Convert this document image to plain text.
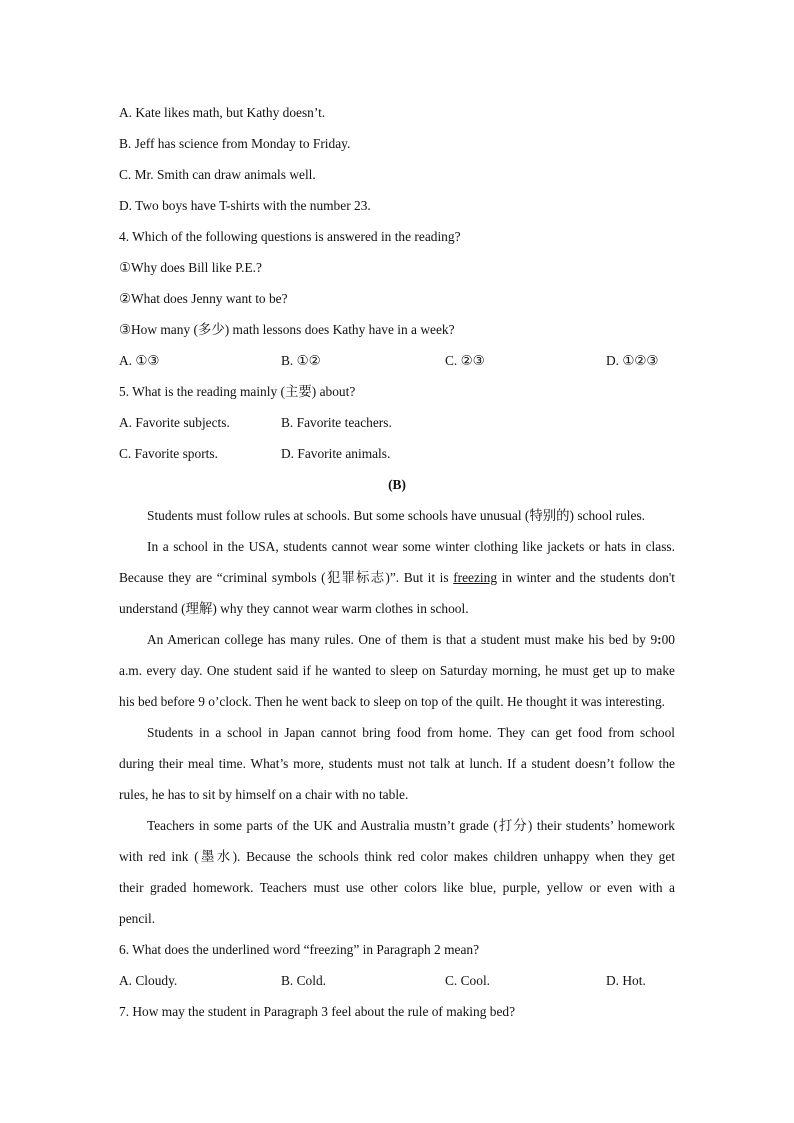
A. Kate likes math, but Kathy doesn’t.
B. Jeff has science from Monday to Friday.
C. Mr. Smith can draw animals well.
D. Two boys have T-shirts with the number 23.
4. Which of the following questions is answered in the reading?
①Why does Bill like P.E.?
②What does Jenny want to be?
③How many (多少) math lessons does Kathy have in a week?
A. ①③	B. ①②	C. ②③	D. ①②③
5. What is the reading mainly (主要) about?
A. Favorite subjects.	B. Favorite teachers.
C. Favorite sports.	D. Favorite animals.
(B)
Students must follow rules at schools. But some schools have unusual (特别的) school rules.
In a school in the USA, students cannot wear some winter clothing like jackets or hats in class.
Because they are “criminal symbols (犯罪标志)”. But it is freezing in winter and the students don't
understand (理解) why they cannot wear warm clothes in school.
An American college has many rules. One of them is that a student must make his bed by 9:00
a.m. every day. One student said if he wanted to sleep on Saturday morning, he must get up to make
his bed before 9 o’clock. Then he went back to sleep on top of the quilt. He thought it was interesting.
Students in a school in Japan cannot bring food from home. They can get food from school
during their meal time. What’s more, students must not talk at lunch. If a student doesn’t follow the
rules, he has to sit by himself on a chair with no table.
Teachers in some parts of the UK and Australia mustn’t grade (打分) their students’ homework
with red ink (墨水). Because the schools think red color makes children unhappy when they get
their graded homework. Teachers must use other colors like blue, purple, yellow or even with a
pencil.
6. What does the underlined word “freezing” in Paragraph 2 mean?
A. Cloudy.	B. Cold.	C. Cool.	D. Hot.
7. How may the student in Paragraph 3 feel about the rule of making bed?
